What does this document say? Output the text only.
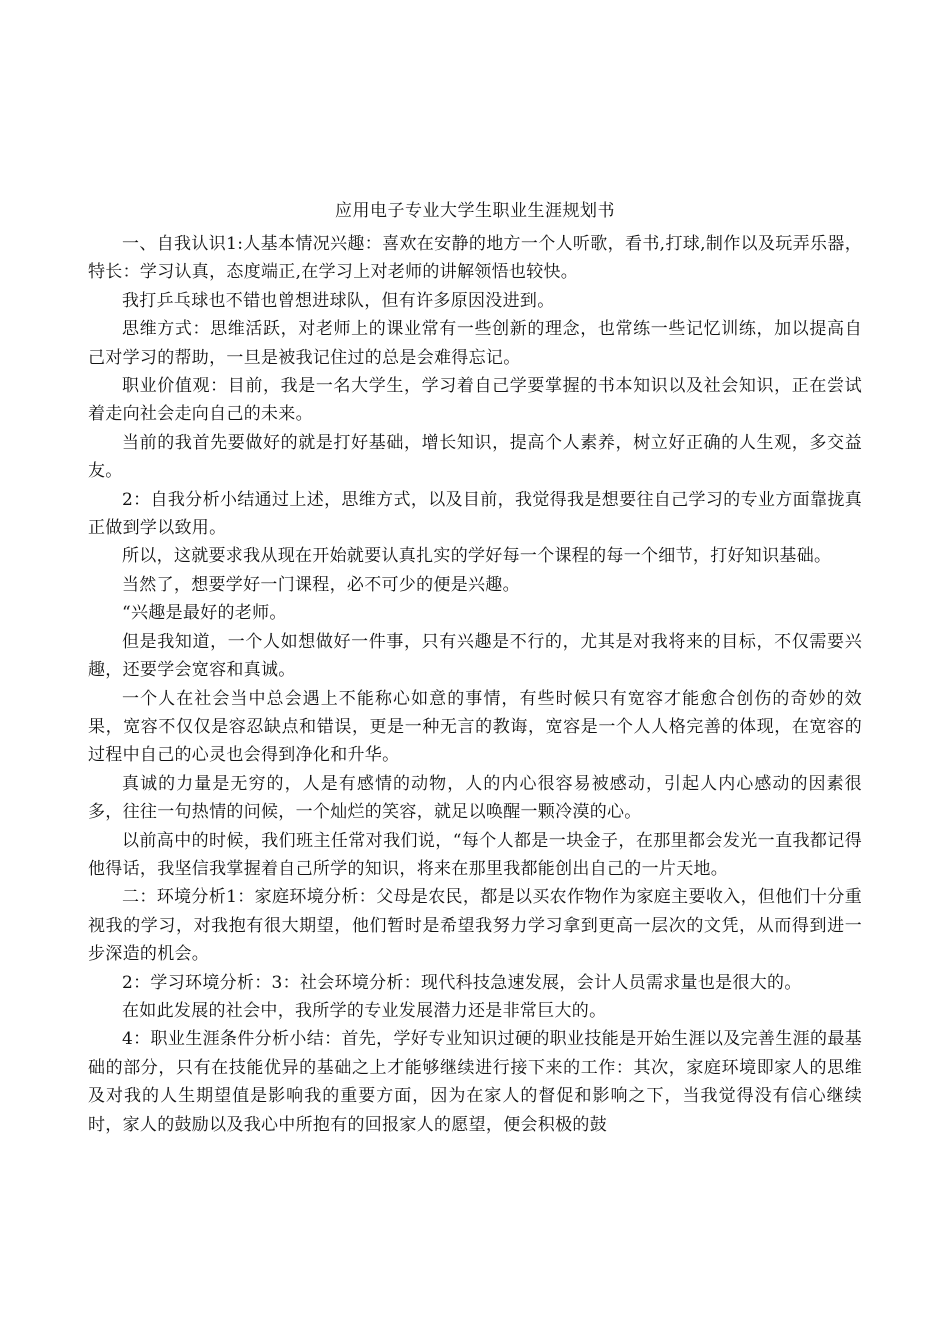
应用电子专业大学生职业生涯规划书

一、自我认识1:人基本情况兴趣：喜欢在安静的地方一个人听歌，看书,打球,制作以及玩弄乐器， 特长：学习认真，态度端正,在学习上对老师的讲解领悟也较快。

我打乒乓球也不错也曾想进球队，但有许多原因没进到。

思维方式：思维活跃，对老师上的课业常有一些创新的理念，也常练一些记忆训练，加以提高自己对学习的帮助，一旦是被我记住过的总是会难得忘记。

职业价值观：目前，我是一名大学生，学习着自己学要掌握的书本知识以及社会知识，正在尝试着走向社会走向自己的未来。

当前的我首先要做好的就是打好基础，增长知识，提高个人素养，树立好正确的人生观，多交益友。

2：自我分析小结通过上述，思维方式，以及目前，我觉得我是想要往自己学习的专业方面靠拢真正做到学以致用。

所以，这就要求我从现在开始就要认真扎实的学好每一个课程的每一个细节，打好知识基础。

当然了，想要学好一门课程，必不可少的便是兴趣。

“兴趣是最好的老师。

但是我知道，一个人如想做好一件事，只有兴趣是不行的，尤其是对我将来的目标，不仅需要兴趣，还要学会宽容和真诚。

一个人在社会当中总会遇上不能称心如意的事情，有些时候只有宽容才能愈合创伤的奇妙的效果，宽容不仅仅是容忍缺点和错误，更是一种无言的教诲，宽容是一个人人格完善的体现，在宽容的过程中自己的心灵也会得到净化和升华。

真诚的力量是无穷的，人是有感情的动物，人的内心很容易被感动，引起人内心感动的因素很多，往往一句热情的问候，一个灿烂的笑容，就足以唤醒一颗冷漠的心。

以前高中的时候，我们班主任常对我们说，“每个人都是一块金子，在那里都会发光一直我都记得他得话，我坚信我掌握着自己所学的知识，将来在那里我都能创出自己的一片天地。

二：环境分析1：家庭环境分析：父母是农民，都是以买农作物作为家庭主要收入，但他们十分重视我的学习，对我抱有很大期望，他们暂时是希望我努力学习拿到更高一层次的文凭，从而得到进一步深造的机会。

2：学习环境分析：3：社会环境分析：现代科技急速发展，会计人员需求量也是很大的。

在如此发展的社会中，我所学的专业发展潜力还是非常巨大的。

4：职业生涯条件分析小结：首先，学好专业知识过硬的职业技能是开始生涯以及完善生涯的最基础的部分，只有在技能优异的基础之上才能够继续进行接下来的工作：其次，家庭环境即家人的思维及对我的人生期望值是影响我的重要方面，因为在家人的督促和影响之下，当我觉得没有信心继续时，家人的鼓励以及我心中所抱有的回报家人的愿望，便会积极的鼓
